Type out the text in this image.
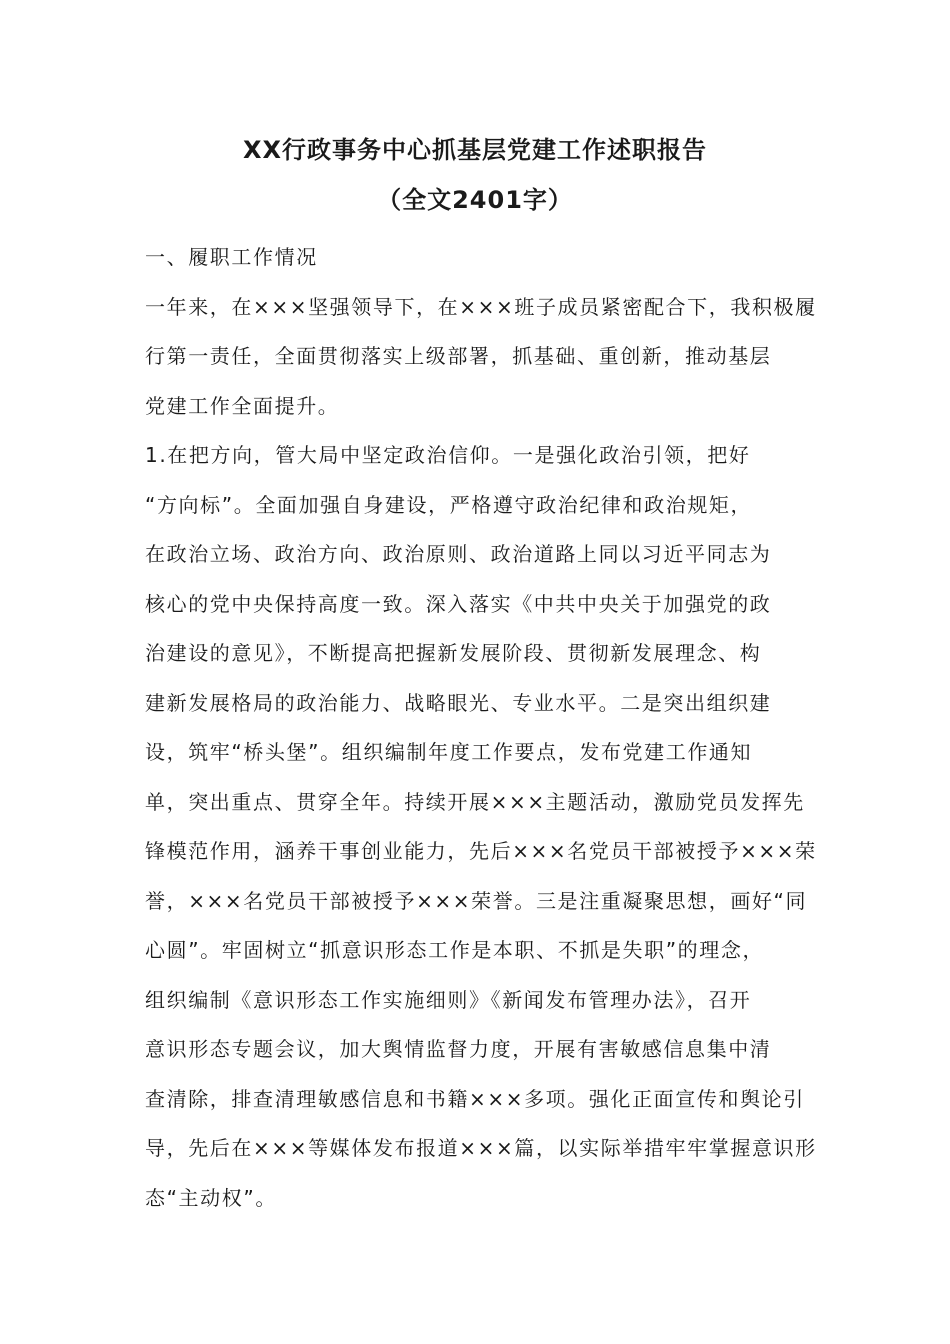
XX行政事务中心抓基层党建工作述职报告
（全文2401字）
一、履职工作情况
一年来，在×××坚强领导下，在×××班子成员紧密配合下，我积极履
行第一责任，全面贯彻落实上级部署，抓基础、重创新，推动基层
党建工作全面提升。
1.在把方向，管大局中坚定政治信仰。一是强化政治引领，把好
“方向标”。全面加强自身建设，严格遵守政治纪律和政治规矩，
在政治立场、政治方向、政治原则、政治道路上同以习近平同志为
核心的党中央保持高度一致。深入落实《中共中央关于加强党的政
治建设的意见》，不断提高把握新发展阶段、贯彻新发展理念、构
建新发展格局的政治能力、战略眼光、专业水平。二是突出组织建
设，筑牢“桥头堡”。组织编制年度工作要点，发布党建工作通知
单，突出重点、贯穿全年。持续开展×××主题活动，激励党员发挥先
锋模范作用，涵养干事创业能力，先后×××名党员干部被授予×××荣
誉，×××名党员干部被授予×××荣誉。三是注重凝聚思想，画好“同
心圆”。牢固树立“抓意识形态工作是本职、不抓是失职”的理念，
组织编制《意识形态工作实施细则》《新闻发布管理办法》，召开
意识形态专题会议，加大舆情监督力度，开展有害敏感信息集中清
查清除，排查清理敏感信息和书籍×××多项。强化正面宣传和舆论引
导，先后在×××等媒体发布报道×××篇，以实际举措牢牢掌握意识形
态“主动权”。
